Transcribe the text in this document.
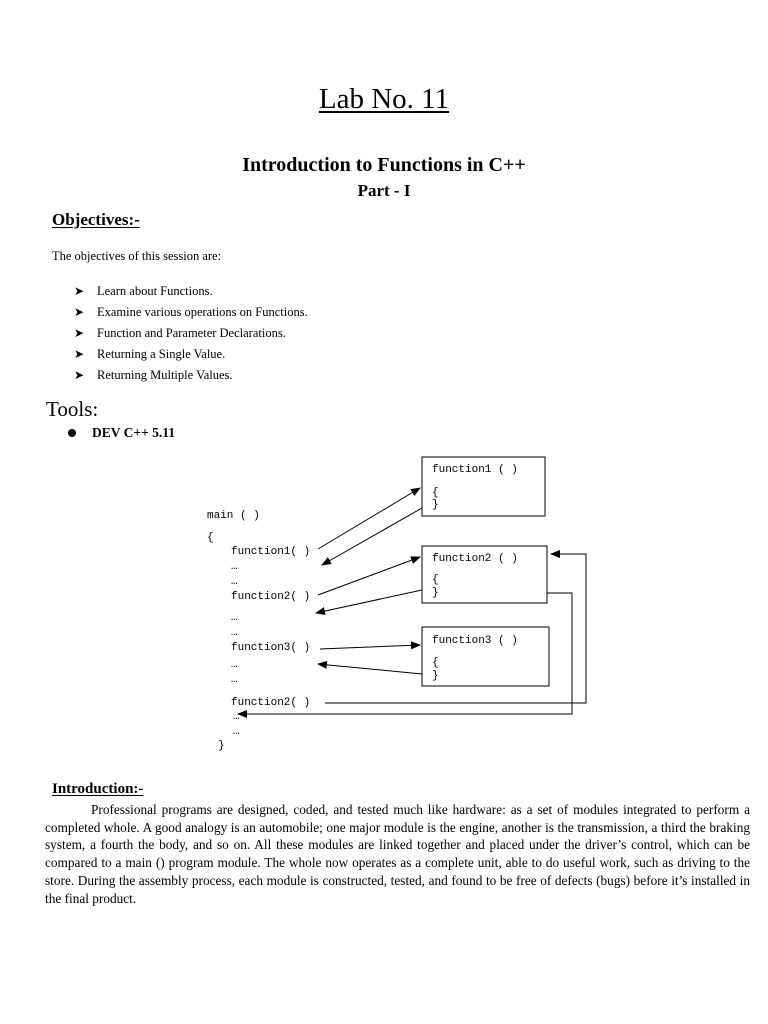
Lab No. 11
Introduction to Functions in C++
Part - I
Objectives:-
The objectives of this session are:
➤ Learn about Functions.
➤ Examine various operations on Functions.
➤ Function and Parameter Declarations.
➤ Returning a Single Value.
➤ Returning Multiple Values.
Tools:
DEV C++ 5.11
main ( )
{
function1( )
…
…
function2( )
…
…
function3( )
…
…
function2( )
…
…
}
function1 ( )
{
}
function2 ( )
{
}
function3 ( )
{
}
Introduction:-

Professional programs are designed, coded, and tested much like hardware: as a set of modules integrated to perform a completed whole. A good analogy is an automobile; one major module is the engine, another is the transmission, a third the braking system, a fourth the body, and so on. All these modules are linked together and placed under the driver’s control, which can be compared to a main () program module. The whole now operates as a complete unit, able to do useful work, such as driving to the store. During the assembly process, each module is constructed, tested, and found to be free of defects (bugs) before it’s installed in the final product.
